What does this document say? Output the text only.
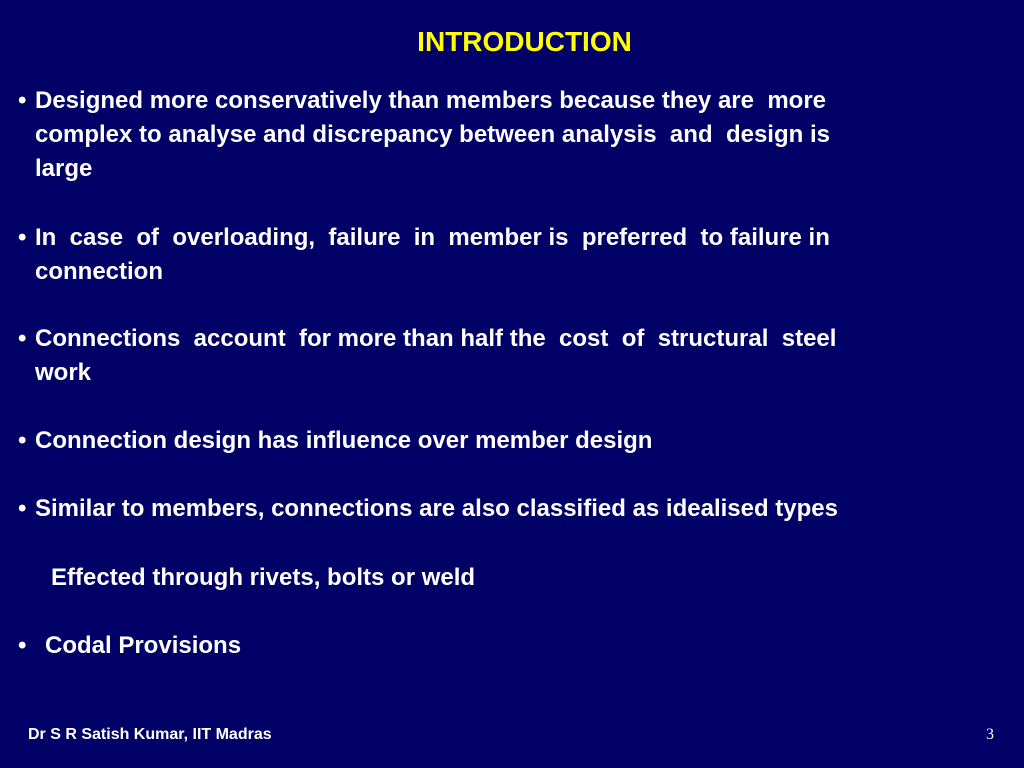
INTRODUCTION
• Designed more conservatively than members because they are  more
complex to analyse and discrepancy between analysis  and  design is
large
• In  case  of  overloading,  failure  in  member is  preferred  to failure in
connection
• Connections  account  for more than half the  cost  of  structural  steel
work
• Connection design has influence over member design
• Similar to members, connections are also classified as idealised types
Effected through rivets, bolts or weld
• Codal Provisions
Dr S R Satish Kumar, IIT Madras	3
